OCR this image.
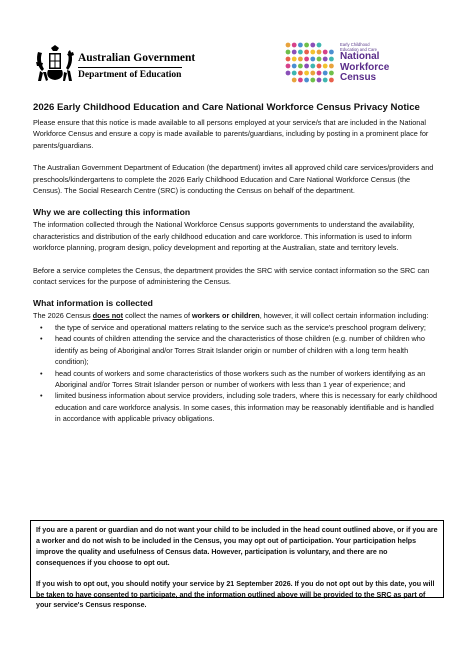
Australian Government
Department of Education
Early Childhood
Education and Care
National
Workforce
Census
2026 Early Childhood Education and Care National Workforce Census Privacy Notice

Please ensure that this notice is made available to all persons employed at your service/s that are included in the National Workforce Census and ensure a copy is made available to parents/guardians, including by posting in a prominent place for parents/guardians.

The Australian Government Department of Education (the department) invites all approved child care services/providers and preschools/kindergartens to complete the 2026 Early Childhood Education and Care National Workforce Census (the Census). The Social Research Centre (SRC) is conducting the Census on behalf of the department.

Why we are collecting this information

The information collected through the National Workforce Census supports governments to understand the availability, characteristics and distribution of the early childhood education and care workforce. This information is used to inform workforce planning, program design, policy development and reporting at the Australian, state and territory levels.

Before a service completes the Census, the department provides the SRC with service contact information so the SRC can contact services for the purpose of administering the Census.

What information is collected

The 2026 Census does not collect the names of workers or children, however, it will collect certain information including:

• the type of service and operational matters relating to the service such as the service's preschool program delivery;
• head counts of children attending the service and the characteristics of those children (e.g. number of children who identify as being of Aboriginal and/or Torres Strait Islander origin or number of children with a long term health condition);
• head counts of workers and some characteristics of those workers such as the number of workers identifying as an Aboriginal and/or Torres Strait Islander person or number of workers with less than 1 year of experience; and
• limited business information about service providers, including sole traders, where this is necessary for early childhood education and care workforce analysis. In some cases, this information may be reasonably identifiable and is handled in accordance with applicable privacy obligations.

If you are a parent or guardian and do not want your child to be included in the head count outlined above, or if you are a worker and do not wish to be included in the Census, you may opt out of participation. Your participation helps improve the quality and usefulness of Census data. However, participation is voluntary, and there are no consequences if you choose to opt out.

If you wish to opt out, you should notify your service by 21 September 2026. If you do not opt out by this date, you will be taken to have consented to participate, and the information outlined above will be provided to the SRC as part of your service's Census response.
